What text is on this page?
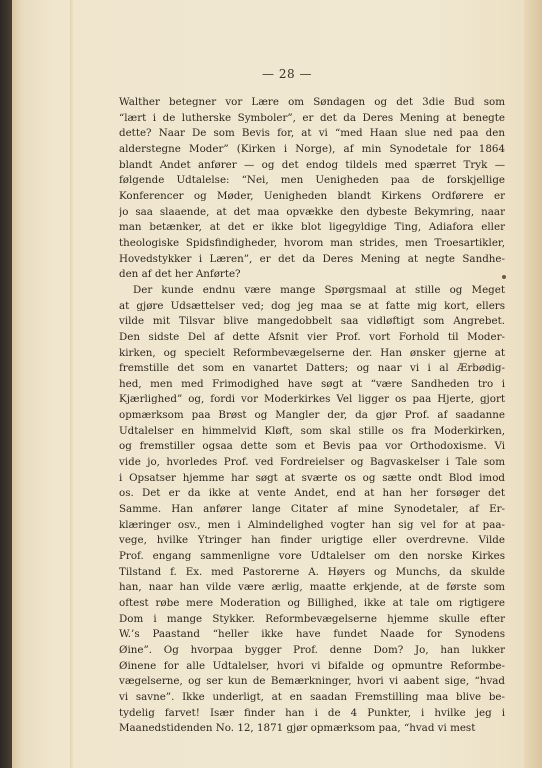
— 28 —
Walther betegner vor Lære om Søndagen og det 3die Bud som
“lært i de lutherske Symboler”, er det da Deres Mening at benegte
dette? Naar De som Bevis for, at vi “med Haan slue ned paa den
alderstegne Moder” (Kirken i Norge), af min Synodetale for 1864
blandt Andet anfører — og det endog tildels med spærret Tryk —
følgende Udtalelse: “Nei, men Uenigheden paa de forskjellige
Konferencer og Møder, Uenigheden blandt Kirkens Ordførere er
jo saa slaaende, at det maa opvække den dybeste Bekymring, naar
man betænker, at det er ikke blot ligegyldige Ting, Adiafora eller
theologiske Spidsfindigheder, hvorom man strides, men Troesartikler,
Hovedstykker i Læren”, er det da Deres Mening at negte Sandhe-
den af det her Anførte?
Der kunde endnu være mange Spørgsmaal at stille og Meget
at gjøre Udsættelser ved; dog jeg maa se at fatte mig kort, ellers
vilde mit Tilsvar blive mangedobbelt saa vidløftigt som Angrebet.
Den sidste Del af dette Afsnit vier Prof. vort Forhold til Moder-
kirken, og specielt Reformbevægelserne der. Han ønsker gjerne at
fremstille det som en vanartet Datters; og naar vi i al Ærbødig-
hed, men med Frimodighed have søgt at “være Sandheden tro i
Kjærlighed” og, fordi vor Moderkirkes Vel ligger os paa Hjerte, gjort
opmærksom paa Brøst og Mangler der, da gjør Prof. af saadanne
Udtalelser en himmelvid Kløft, som skal stille os fra Moderkirken,
og fremstiller ogsaa dette som et Bevis paa vor Orthodoxisme. Vi
vide jo, hvorledes Prof. ved Fordreielser og Bagvaskelser i Tale som
i Opsatser hjemme har søgt at sværte os og sætte ondt Blod imod
os. Det er da ikke at vente Andet, end at han her forsøger det
Samme. Han anfører lange Citater af mine Synodetaler, af Er-
klæringer osv., men i Almindelighed vogter han sig vel for at paa-
vege, hvilke Ytringer han finder urigtige eller overdrevne. Vilde
Prof. engang sammenligne vore Udtalelser om den norske Kirkes
Tilstand f. Ex. med Pastorerne A. Høyers og Munchs, da skulde
han, naar han vilde være ærlig, maatte erkjende, at de første som
oftest røbe mere Moderation og Billighed, ikke at tale om rigtigere
Dom i mange Stykker. Reformbevægelserne hjemme skulle efter
W.’s Paastand “heller ikke have fundet Naade for Synodens
Øine”. Og hvorpaa bygger Prof. denne Dom? Jo, han lukker
Øinene for alle Udtalelser, hvori vi bifalde og opmuntre Reformbe-
vægelserne, og ser kun de Bemærkninger, hvori vi aabent sige, “hvad
vi savne”. Ikke underligt, at en saadan Fremstilling maa blive be-
tydelig farvet! Især finder han i de 4 Punkter, i hvilke jeg i
Maanedstidenden No. 12, 1871 gjør opmærksom paa, “hvad vi mest
